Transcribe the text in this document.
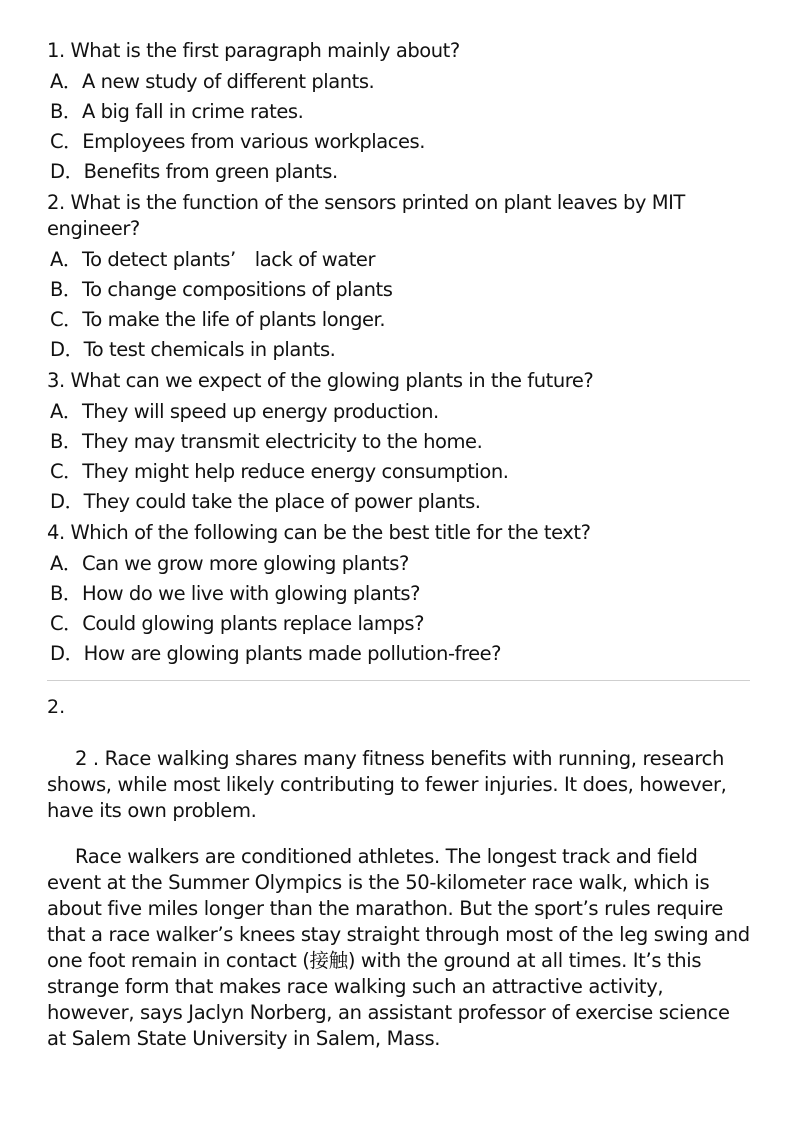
1. What is the first paragraph mainly about?

A．A new study of different plants.

B．A big fall in crime rates.

C．Employees from various workplaces.

D．Benefits from green plants.

2. What is the function of the sensors printed on plant leaves by MIT engineer?

A．To detect plants’　lack of water

B．To change compositions of plants

C．To make the life of plants longer.

D．To test chemicals in plants.

3. What can we expect of the glowing plants in the future?

A．They will speed up energy production.

B．They may transmit electricity to the home.

C．They might help reduce energy consumption.

D．They could take the place of power plants.

4. Which of the following can be the best title for the text?

A．Can we grow more glowing plants?

B．How do we live with glowing plants?

C．Could glowing plants replace lamps?

D．How are glowing plants made pollution-free?

2.

2 . Race walking shares many fitness benefits with running, research shows, while most likely contributing to fewer injuries. It does, however, have its own problem.

Race walkers are conditioned athletes. The longest track and field event at the Summer Olympics is the 50-kilometer race walk, which is about five miles longer than the marathon. But the sport’s rules require that a race walker’s knees stay straight through most of the leg swing and one foot remain in contact (接触) with the ground at all times. It’s this strange form that makes race walking such an attractive activity, however, says Jaclyn Norberg, an assistant professor of exercise science at Salem State University in Salem, Mass.
